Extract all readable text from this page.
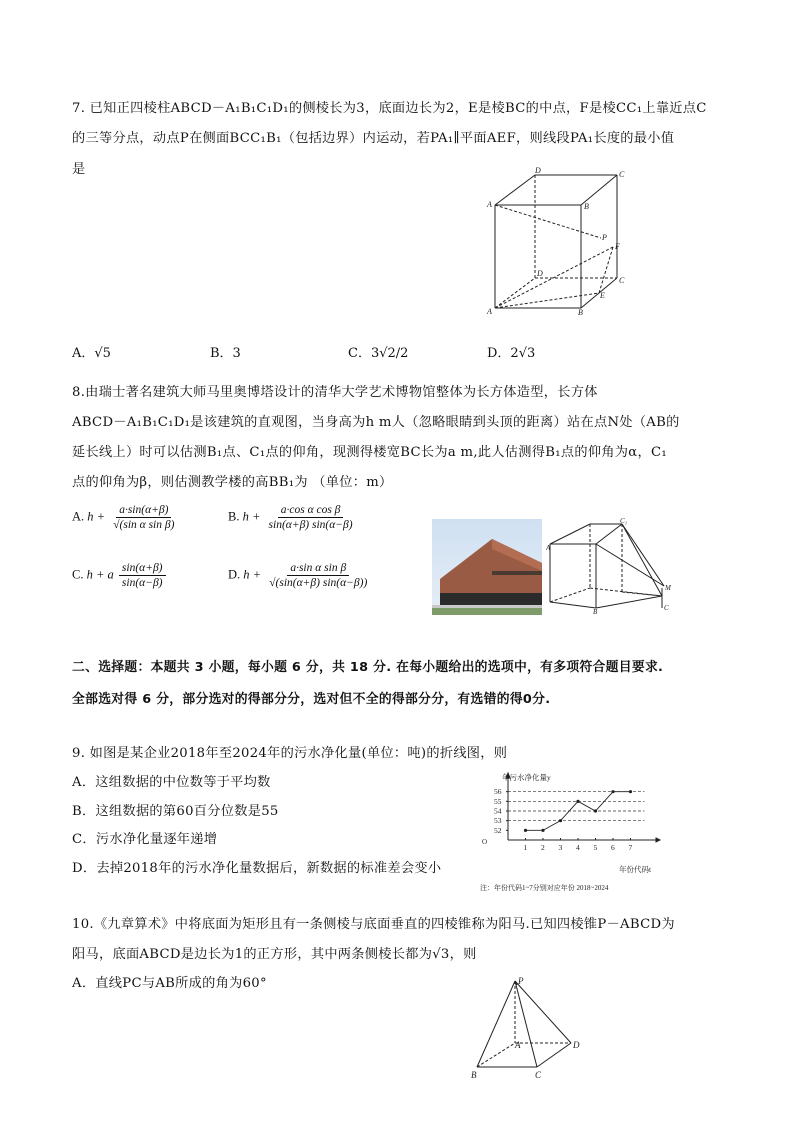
7. 已知正四棱柱ABCD－A₁B₁C₁D₁的侧棱长为3，底面边长为2，E是棱BC的中点，F是棱CC₁上靠近点C
的三等分点，动点P在侧面BCC₁B₁（包括边界）内运动，若PA₁∥平面AEF，则线段PA₁长度的最小值
是	D	C
A	B
P
F
D
C
E
A	B
A．√5	B．3	C．3√2/2	D．2√3
8.由瑞士著名建筑大师马里奥博塔设计的清华大学艺术博物馆整体为长方体造型，长方体
ABCD－A₁B₁C₁D₁是该建筑的直观图，当身高为h m人（忽略眼睛到头顶的距离）站在点N处（AB的
延长线上）时可以估测B₁点、C₁点的仰角，现测得楼宽BC长为a m,此人估测得B₁点的仰角为α，C₁
点的仰角为β，则估测教学楼的高BB₁为 （单位：m）
A. $h + \frac{a\cdot\sin(\alpha+\beta)}{\text{√(sin α sin β)}}$	B. $h + \frac{\text{a·cos α cos β}}{\sin(\alpha+\beta) \sin(\alpha-\beta)}$
C. h + a $\frac{\sin(\alpha+\beta)}{\sin(\alpha-\beta)}$	D. $h + \frac{\text{a·sin α sin β}}{√(\sin(\alpha+\beta) \sin(\alpha-\beta))}$
C₁
M
A
B	C
二、选择题：本题共 3 小题，每小题 6 分，共 18 分. 在每小题给出的选项中，有多项符合题目要求.
全部选对得 6 分，部分选对的得部分分，选对但不全的得部分分，有选错的得0分.
9. 如图是某企业2018年至2024年的污水净化量(单位：吨)的折线图，则
A．这组数据的中位数等于平均数
B．这组数据的第60百分位数是55
C．污水净化量逐年递增
D．去掉2018年的污水净化量数据后，新数据的标准差会变小
52
53
54
55
56
1 2 3 4 5 6 7
O
年污水净化量y
年份代码t
注：年份代码1~7分别对应年份 2018~2024
10.《九章算术》中将底面为矩形且有一条侧棱与底面垂直的四棱锥称为阳马.已知四棱锥P－ABCD为
阳马，底面ABCD是边长为1的正方形，其中两条侧棱长都为√3，则
A．直线PC与AB所成的角为60°	P
A	D
B	C
